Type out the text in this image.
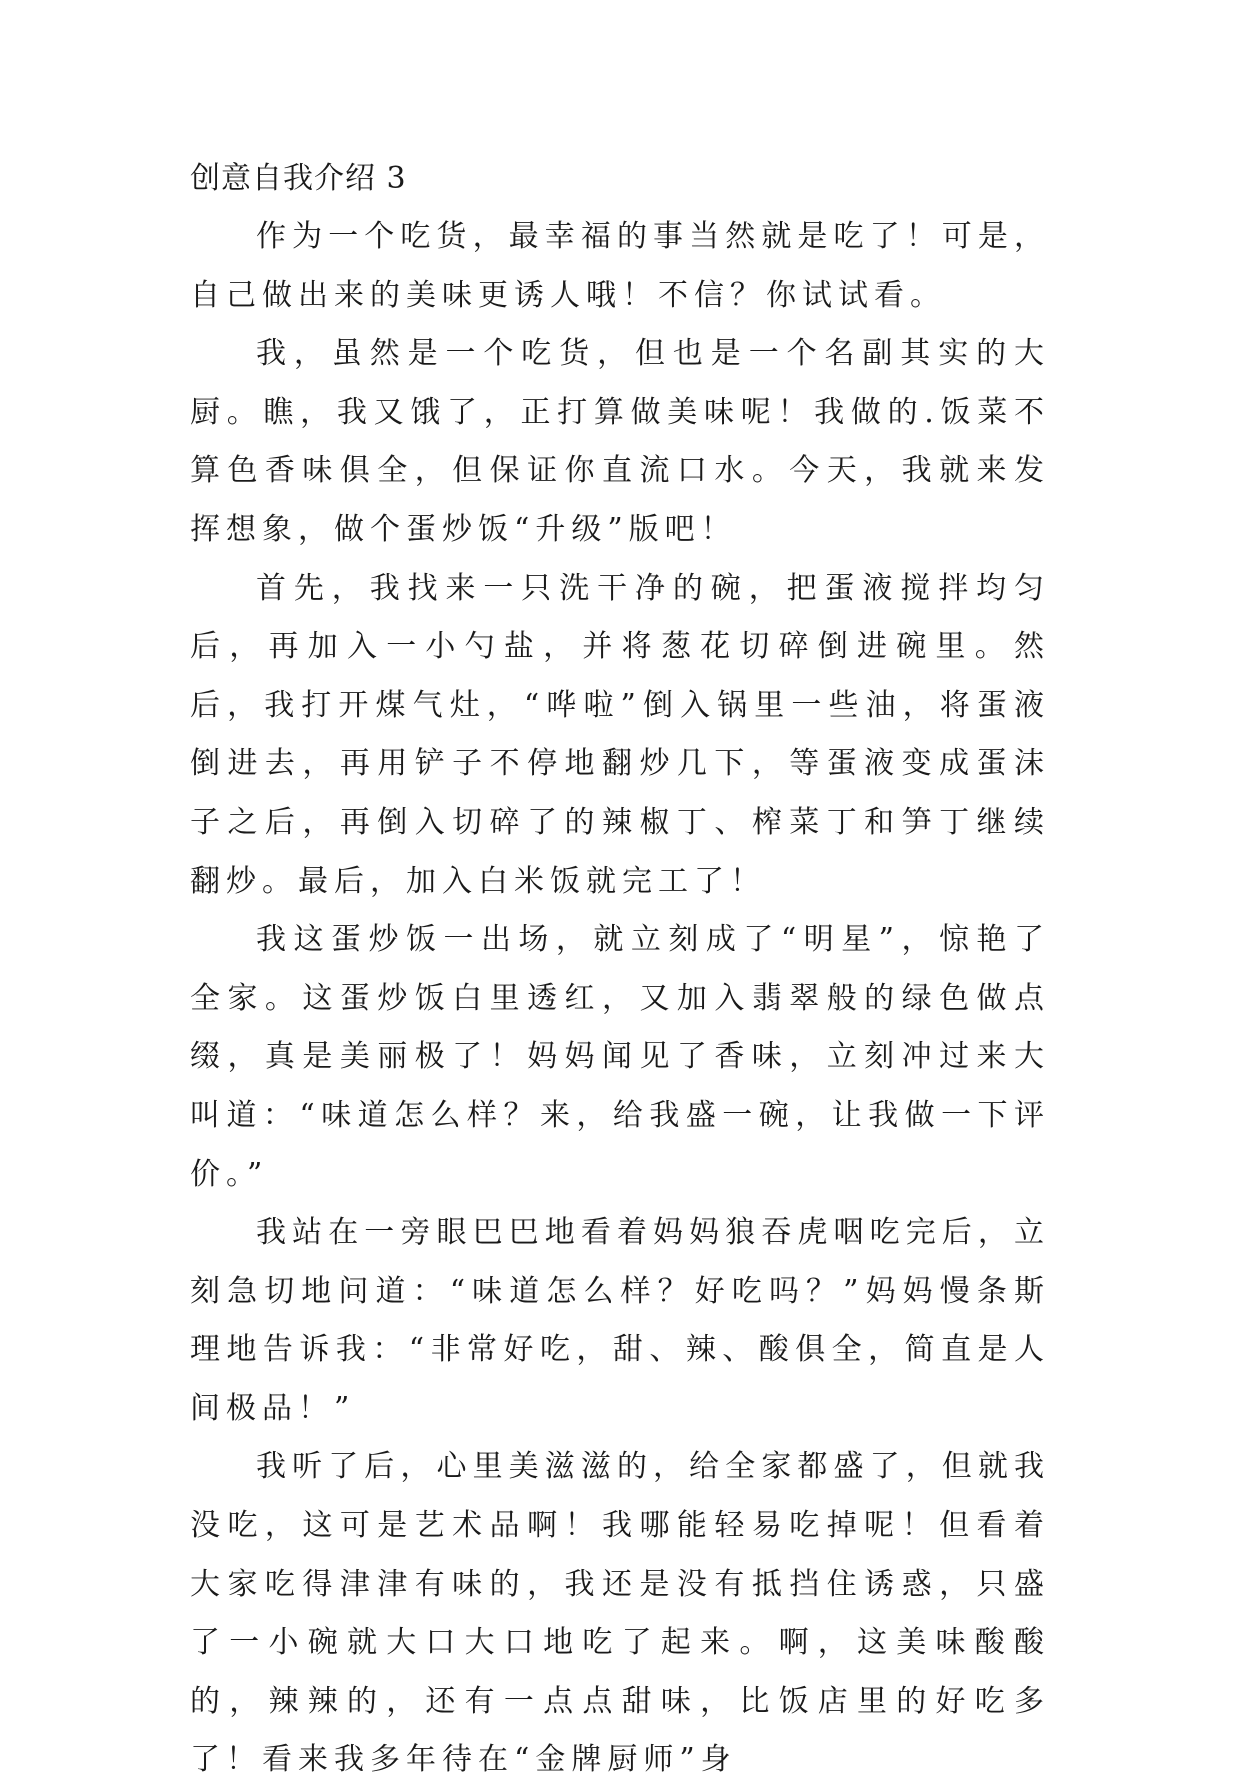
创意自我介绍 3

作为一个吃货，最幸福的事当然就是吃了！可是，自己做出来的美味更诱人哦！不信？你试试看。

我，虽然是一个吃货，但也是一个名副其实的大厨。瞧，我又饿了，正打算做美味呢！我做的.饭菜不算色香味俱全，但保证你直流口水。今天，我就来发挥想象，做个蛋炒饭“升级”版吧！

首先，我找来一只洗干净的碗，把蛋液搅拌均匀后，再加入一小勺盐，并将葱花切碎倒进碗里。然后，我打开煤气灶，“哗啦”倒入锅里一些油，将蛋液倒进去，再用铲子不停地翻炒几下，等蛋液变成蛋沫子之后，再倒入切碎了的辣椒丁、榨菜丁和笋丁继续翻炒。最后，加入白米饭就完工了！

我这蛋炒饭一出场，就立刻成了“明星”，惊艳了全家。这蛋炒饭白里透红，又加入翡翠般的绿色做点缀，真是美丽极了！妈妈闻见了香味，立刻冲过来大叫道：“味道怎么样？来，给我盛一碗，让我做一下评价。”

我站在一旁眼巴巴地看着妈妈狼吞虎咽吃完后，立刻急切地问道：“味道怎么样？好吃吗？”妈妈慢条斯理地告诉我：“非常好吃，甜、辣、酸俱全，简直是人间极品！”

我听了后，心里美滋滋的，给全家都盛了，但就我没吃，这可是艺术品啊！我哪能轻易吃掉呢！但看着大家吃得津津有味的，我还是没有抵挡住诱惑，只盛了一小碗就大口大口地吃了起来。啊，这美味酸酸的，辣辣的，还有一点点甜味，比饭店里的好吃多了！看来我多年待在“金牌厨师”身
